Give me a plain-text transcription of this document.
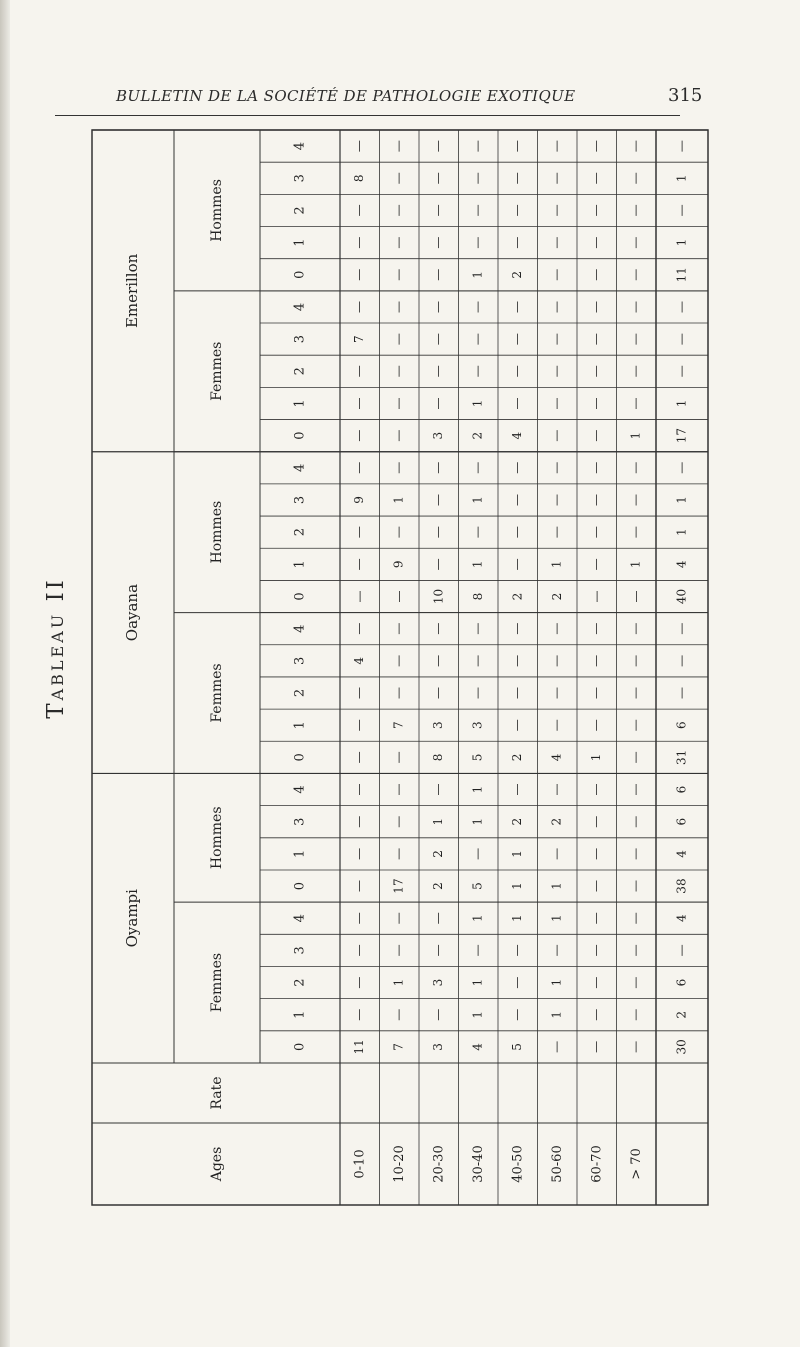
BULLETIN DE LA SOCIÉTÉ DE PATHOLOGIE EXOTIQUE	315
Tableau II
Ages
Rate
0
1
2
3
4
0
1
3
4
0
1
2
3
4
0
1
2
3
4
0
1
2
3
4
0
1
2
3
4
Oyampi
Femmes
Hommes
Oayana
Femmes
Hommes
Emerillon
Femmes
Hommes
0-10
11
—
—
—
—
—
—
—
—
—
—
—
4
—
—
—
—
9
—
—
—
—
7
—
—
—
—
8
—
10-20
7
—
1
—
—
17
—
—
—
—
7
—
—
—
—
9
—
1
—
—
—
—
—
—
—
—
—
—
—
20-30
3
—
3
—
—
2
2
1
—
8
3
—
—
—
10
—
—
—
—
3
—
—
—
—
—
—
—
—
—
30-40
4
1
1
—
1
5
—
1
1
5
3
—
—
—
8
1
—
1
—
2
1
—
—
—
1
—
—
—
—
40-50
5
—
—
—
1
1
1
2
—
2
—
—
—
—
2
—
—
—
—
4
—
—
—
—
2
—
—
—
—
50-60
—
1
1
—
1
1
—
2
—
4
—
—
—
—
2
1
—
—
—
—
—
—
—
—
—
—
—
—
—
60-70
—
—
—
—
—
—
—
—
—
1
—
—
—
—
—
—
—
—
—
—
—
—
—
—
—
—
—
—
—
> 70
—
—
—
—
—
—
—
—
—
—
—
—
—
—
—
1
—
—
—
1
—
—
—
—
—
—
—
—
—
30
2
6
—
4
38
4
6
6
31
6
—
—
—
40
4
1
1
—
17
1
—
—
—
11
1
—
1
—
